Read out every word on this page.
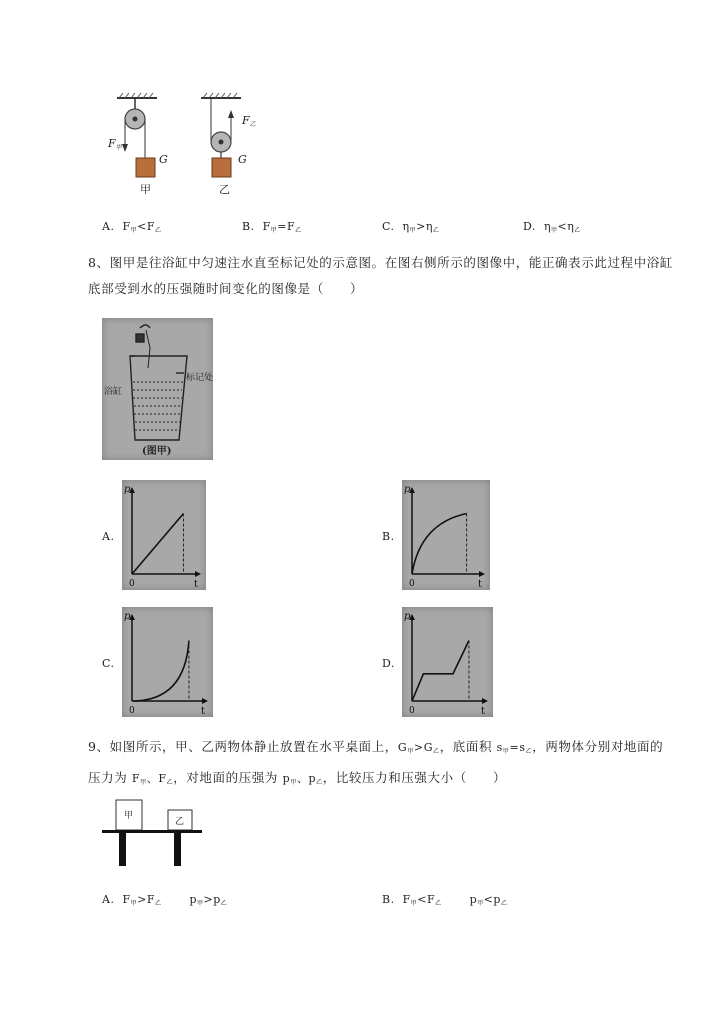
G	G
$F_甲$
$F_乙$
甲	乙
A. $F_甲<F_乙$	B. $F_甲=F_乙$	C. $\eta_甲>\eta_乙$	D. $\eta_甲<\eta_乙$
8、图甲是往浴缸中匀速注水直至标记处的示意图。在图右侧所示的图像中，能正确表示此过程中浴缸
底部受到水的压强随时间变化的图像是（　　）
浴缸
标记处
(图甲)
A.	B.
C.	D.
p
t
0
p
t
0
p
t
0
p
t
0
9、如图所示，甲、乙两物体静止放置在水平桌面上，$G_甲>G_乙$，底面积 $s_甲=s_乙$，两物体分别对地面的
压力为 $F_甲$、$F_乙$，对地面的压强为 $p_甲$、$p_乙$，比较压力和压强大小（　　）
甲
乙
A. $F_甲>F_乙$	$p_甲>p_乙$	B. $F_甲<F_乙$	$p_甲<p_乙$
